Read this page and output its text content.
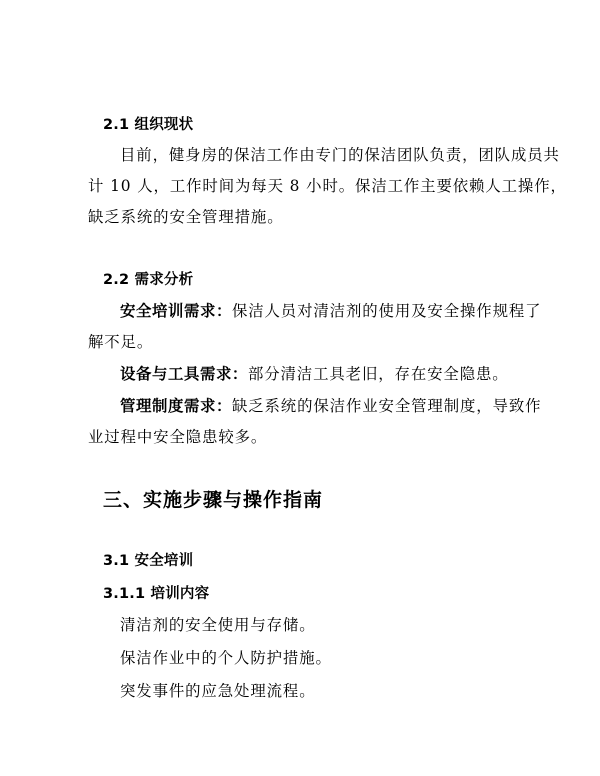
2.1 组织现状
目前，健身房的保洁工作由专门的保洁团队负责，团队成员共
计 10 人，工作时间为每天 8 小时。保洁工作主要依赖人工操作，
缺乏系统的安全管理措施。
2.2 需求分析
安全培训需求：保洁人员对清洁剂的使用及安全操作规程了
解不足。
设备与工具需求：部分清洁工具老旧，存在安全隐患。
管理制度需求：缺乏系统的保洁作业安全管理制度，导致作
业过程中安全隐患较多。
三、实施步骤与操作指南
3.1 安全培训
3.1.1 培训内容
清洁剂的安全使用与存储。
保洁作业中的个人防护措施。
突发事件的应急处理流程。
